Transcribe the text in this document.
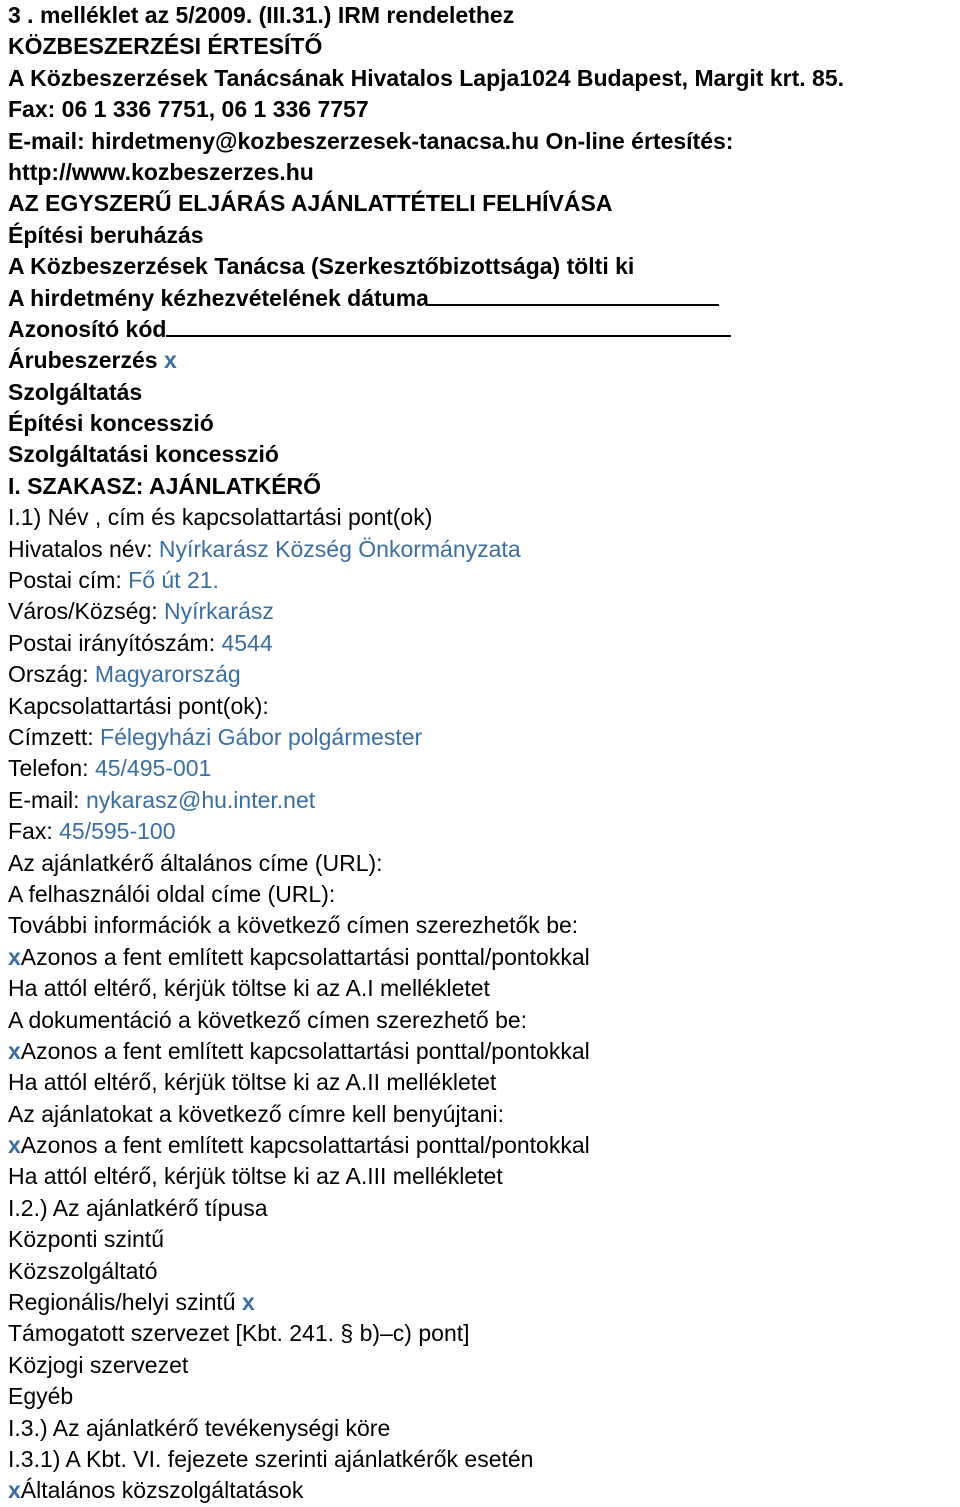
3 . melléklet az 5/2009. (III.31.) IRM rendelethez
KÖZBESZERZÉSI ÉRTESÍTŐ
A Közbeszerzések Tanácsának Hivatalos Lapja1024 Budapest, Margit krt. 85.
Fax: 06 1 336 7751, 06 1 336 7757
E-mail: hirdetmeny@kozbeszerzesek-tanacsa.hu On-line értesítés:
http://www.kozbeszerzes.hu
AZ EGYSZERŰ ELJÁRÁS AJÁNLATTÉTELI FELHÍVÁSA
Építési beruházás
A Közbeszerzések Tanácsa (Szerkesztőbizottsága) tölti ki
A hirdetmény kézhezvételének dátuma
Azonosító kód
Árubeszerzés x
Szolgáltatás
Építési koncesszió
Szolgáltatási koncesszió
I. SZAKASZ: AJÁNLATKÉRŐ
I.1) Név , cím és kapcsolattartási pont(ok)
Hivatalos név: Nyírkarász Község Önkormányzata
Postai cím: Fő út 21.
Város/Község: Nyírkarász
Postai irányítószám: 4544
Ország: Magyarország
Kapcsolattartási pont(ok):
Címzett: Félegyházi Gábor polgármester
Telefon: 45/495-001
E-mail: nykarasz@hu.inter.net
Fax: 45/595-100
Az ajánlatkérő általános címe (URL):
A felhasználói oldal címe (URL):
További információk a következő címen szerezhetők be:
xAzonos a fent említett kapcsolattartási ponttal/pontokkal
Ha attól eltérő, kérjük töltse ki az A.I mellékletet
A dokumentáció a következő címen szerezhető be:
xAzonos a fent említett kapcsolattartási ponttal/pontokkal
Ha attól eltérő, kérjük töltse ki az A.II mellékletet
Az ajánlatokat a következő címre kell benyújtani:
xAzonos a fent említett kapcsolattartási ponttal/pontokkal
Ha attól eltérő, kérjük töltse ki az A.III mellékletet
I.2.) Az ajánlatkérő típusa
Központi szintű
Közszolgáltató
Regionális/helyi szintű x
Támogatott szervezet [Kbt. 241. § b)–c) pont]
Közjogi szervezet
Egyéb
I.3.) Az ajánlatkérő tevékenységi köre
I.3.1) A Kbt. VI. fejezete szerinti ajánlatkérők esetén
xÁltalános közszolgáltatások
